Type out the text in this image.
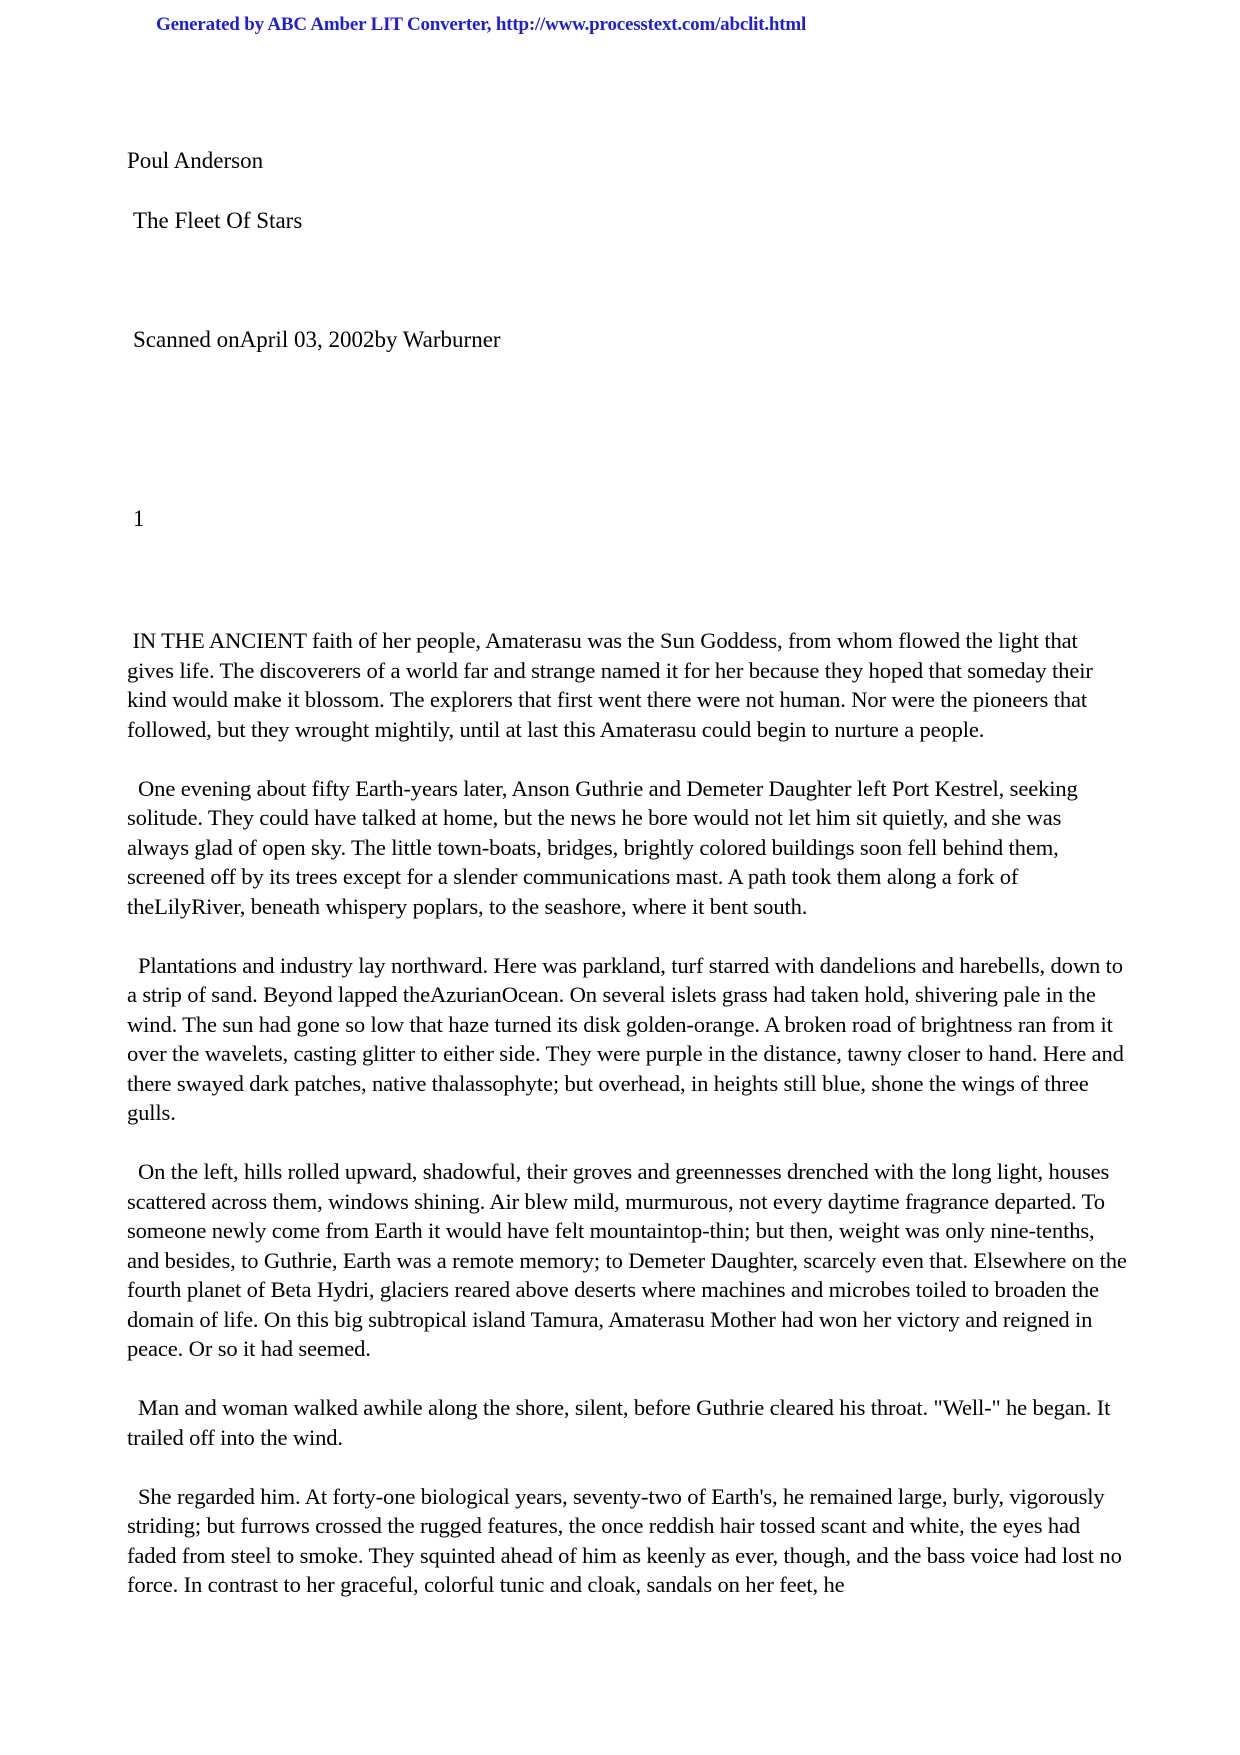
Generated by ABC Amber LIT Converter, http://www.processtext.com/abclit.html
Poul Anderson
The Fleet Of Stars
Scanned onApril 03, 2002by Warburner
1

IN THE ANCIENT faith of her people, Amaterasu was the Sun Goddess, from whom flowed the light that gives life. The discoverers of a world far and strange named it for her because they hoped that someday their kind would make it blossom. The explorers that first went there were not human. Nor were the pioneers that followed, but they wrought mightily, until at last this Amaterasu could begin to nurture a people.

One evening about fifty Earth-years later, Anson Guthrie and Demeter Daughter left Port Kestrel, seeking solitude. They could have talked at home, but the news he bore would not let him sit quietly, and she was always glad of open sky. The little town-boats, bridges, brightly colored buildings soon fell behind them, screened off by its trees except for a slender communications mast. A path took them along a fork of theLilyRiver, beneath whispery poplars, to the seashore, where it bent south.

Plantations and industry lay northward. Here was parkland, turf starred with dandelions and harebells, down to a strip of sand. Beyond lapped theAzurianOcean. On several islets grass had taken hold, shivering pale in the wind. The sun had gone so low that haze turned its disk golden-orange. A broken road of brightness ran from it over the wavelets, casting glitter to either side. They were purple in the distance, tawny closer to hand. Here and there swayed dark patches, native thalassophyte; but overhead, in heights still blue, shone the wings of three gulls.

On the left, hills rolled upward, shadowful, their groves and greennesses drenched with the long light, houses scattered across them, windows shining. Air blew mild, murmurous, not every daytime fragrance departed. To someone newly come from Earth it would have felt mountaintop-thin; but then, weight was only nine-tenths, and besides, to Guthrie, Earth was a remote memory; to Demeter Daughter, scarcely even that. Elsewhere on the fourth planet of Beta Hydri, glaciers reared above deserts where machines and microbes toiled to broaden the domain of life. On this big subtropical island Tamura, Amaterasu Mother had won her victory and reigned in peace. Or so it had seemed.

Man and woman walked awhile along the shore, silent, before Guthrie cleared his throat. "Well-" he began. It trailed off into the wind.

She regarded him. At forty-one biological years, seventy-two of Earth's, he remained large, burly, vigorously striding; but furrows crossed the rugged features, the once reddish hair tossed scant and white, the eyes had faded from steel to smoke. They squinted ahead of him as keenly as ever, though, and the bass voice had lost no force. In contrast to her graceful, colorful tunic and cloak, sandals on her feet, he
